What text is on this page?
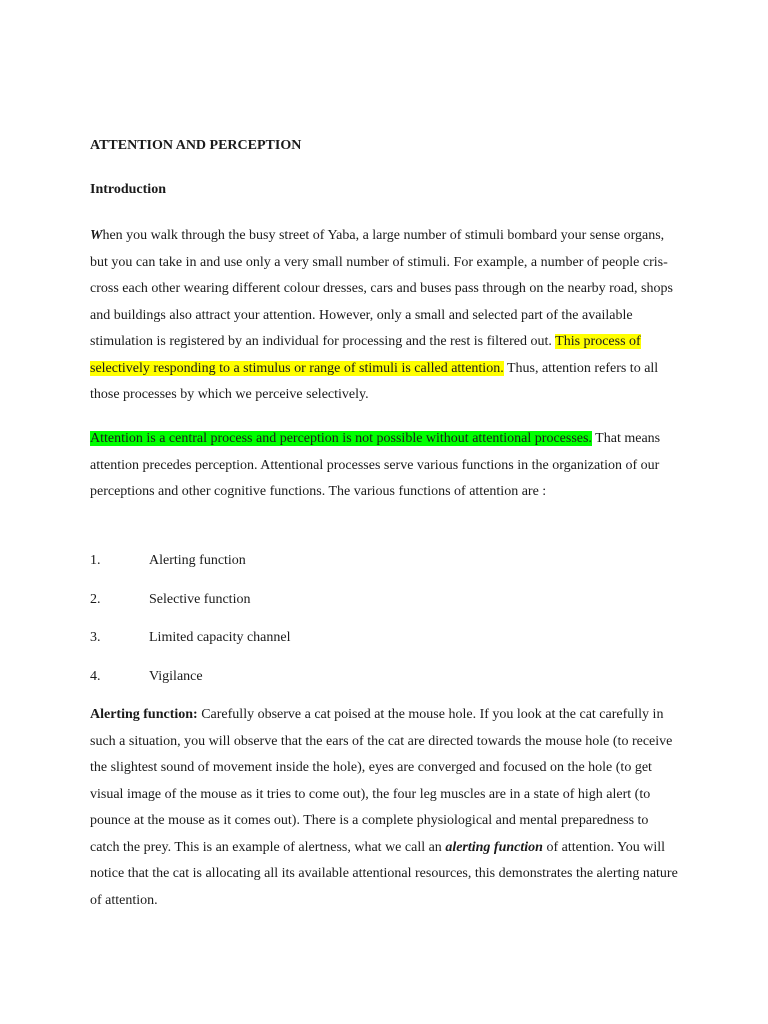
ATTENTION AND PERCEPTION
Introduction

When you walk through the busy street of Yaba, a large number of stimuli bombard your sense organs, but you can take in and use only a very small number of stimuli. For example, a number of people cris-cross each other wearing different colour dresses, cars and buses pass through on the nearby road, shops and buildings also attract your attention. However, only a small and selected part of the available stimulation is registered by an individual for processing and the rest is filtered out. This process of selectively responding to a stimulus or range of stimuli is called attention. Thus, attention refers to all those processes by which we perceive selectively.

Attention is a central process and perception is not possible without attentional processes. That means attention precedes perception. Attentional processes serve various functions in the organization of our perceptions and other cognitive functions. The various functions of attention are :

1.	Alerting function
2.	Selective function
3.	Limited capacity channel
4.	Vigilance

Alerting function: Carefully observe a cat poised at the mouse hole. If you look at the cat carefully in such a situation, you will observe that the ears of the cat are directed towards the mouse hole (to receive the slightest sound of movement inside the hole), eyes are converged and focused on the hole (to get visual image of the mouse as it tries to come out), the four leg muscles are in a state of high alert (to pounce at the mouse as it comes out). There is a complete physiological and mental preparedness to catch the prey. This is an example of alertness, what we call an alerting function of attention. You will notice that the cat is allocating all its available attentional resources, this demonstrates the alerting nature of attention.
